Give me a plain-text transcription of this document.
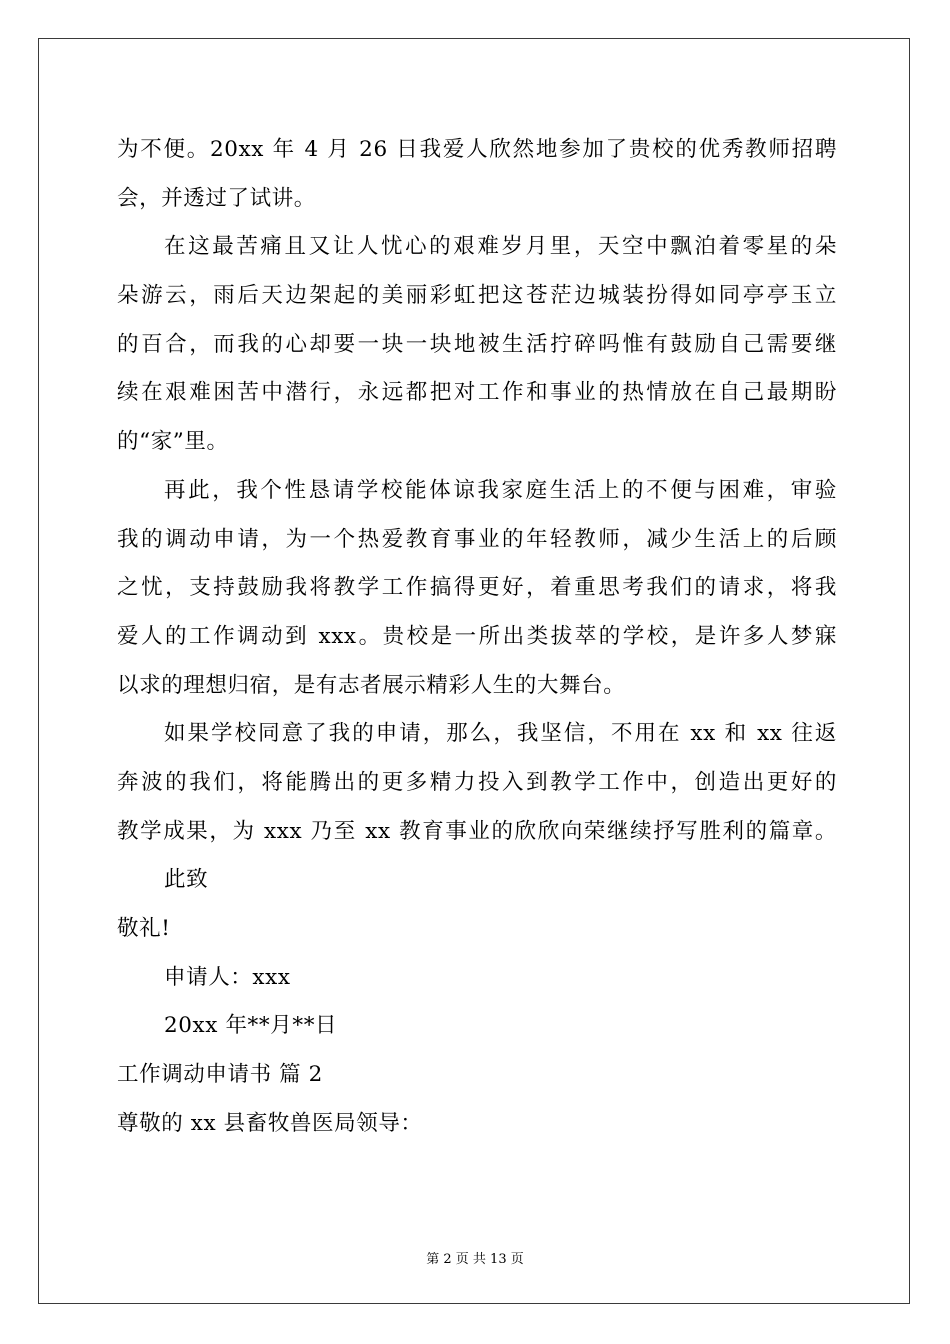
为不便。20xx 年 4 月 26 日我爱人欣然地参加了贵校的优秀教师招聘
会，并透过了试讲。
在这最苦痛且又让人忧心的艰难岁月里，天空中飘泊着零星的朵
朵游云，雨后天边架起的美丽彩虹把这苍茫边城装扮得如同亭亭玉立
的百合，而我的心却要一块一块地被生活拧碎吗惟有鼓励自己需要继
续在艰难困苦中潜行，永远都把对工作和事业的热情放在自己最期盼
的“家”里。
再此，我个性恳请学校能体谅我家庭生活上的不便与困难，审验
我的调动申请，为一个热爱教育事业的年轻教师，减少生活上的后顾
之忧，支持鼓励我将教学工作搞得更好，着重思考我们的请求，将我
爱人的工作调动到 xxx。贵校是一所出类拔萃的学校，是许多人梦寐
以求的理想归宿，是有志者展示精彩人生的大舞台。
如果学校同意了我的申请，那么，我坚信，不用在 xx 和 xx 往返
奔波的我们，将能腾出的更多精力投入到教学工作中，创造出更好的
教学成果，为 xxx 乃至 xx 教育事业的欣欣向荣继续抒写胜利的篇章。
此致
敬礼!
申请人：xxx
20xx 年**月**日
工作调动申请书 篇 2
尊敬的 xx 县畜牧兽医局领导：
第 2 页 共 13 页
